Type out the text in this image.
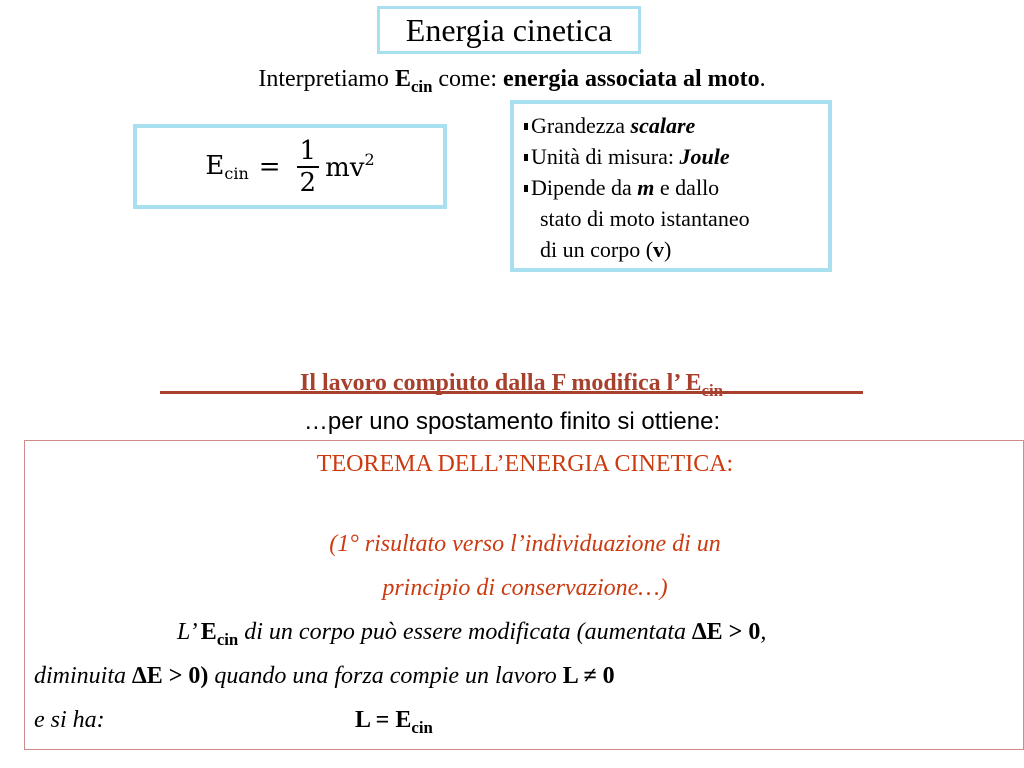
Energia cinetica
Interpretiamo $E_{cin}$ come: energia associata al moto.
Ecin = $\frac{1}{2} mv^2$
Grandezza scalare
Unità di misura: Joule
Dipende da m e dallo
stato di moto istantaneo
di un corpo (v)
Il lavoro compiuto dalla F modifica l’ $E_{cin}$
…per uno spostamento finito si ottiene:
TEOREMA DELL’ENERGIA CINETICA:
(1° risultato verso l’individuazione di un
principio di conservazione…)
L’ $E_{cin}$ di un corpo può essere modificata (aumentata ∆E > 0,
diminuita ∆E > 0) quando una forza compie un lavoro L ≠ 0
e si ha:	$L = E_{cin}$
